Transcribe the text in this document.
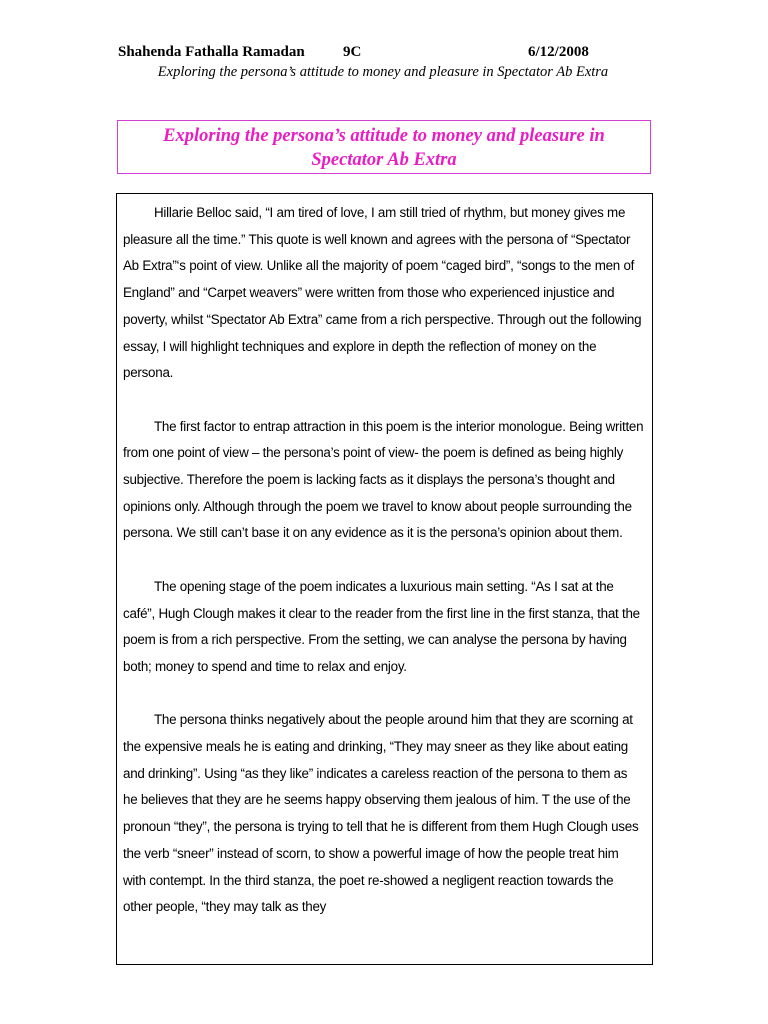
Shahenda Fathalla Ramadan	9C	6/12/2008
Exploring the persona’s attitude to money and pleasure in Spectator Ab Extra
Exploring the persona’s attitude to money and pleasure in
Spectator Ab Extra

Hillarie Belloc said, “I am tired of love, I am still tried of rhythm, but money gives me pleasure all the time.” This quote is well known and agrees with the persona of “Spectator Ab Extra”‘s point of view. Unlike all the majority of poem “caged bird”, “songs to the men of England” and “Carpet weavers” were written from those who experienced injustice and poverty, whilst “Spectator Ab Extra” came from a rich perspective. Through out the following essay, I will highlight techniques and explore in depth the reflection of money on the persona.

The first factor to entrap attraction in this poem is the interior monologue. Being written from one point of view – the persona’s point of view- the poem is defined as being highly subjective. Therefore the poem is lacking facts as it displays the persona’s thought and opinions only. Although through the poem we travel to know about people surrounding the persona. We still can’t base it on any evidence as it is the persona’s opinion about them.

The opening stage of the poem indicates a luxurious main setting. “As I sat at the café”, Hugh Clough makes it clear to the reader from the first line in the first stanza, that the poem is from a rich perspective. From the setting, we can analyse the persona by having both; money to spend and time to relax and enjoy.

The persona thinks negatively about the people around him that they are scorning at the expensive meals he is eating and drinking, “They may sneer as they like about eating and drinking”. Using “as they like” indicates a careless reaction of the persona to them as he believes that they are he seems happy observing them jealous of him. T the use of the pronoun “they”, the persona is trying to tell that he is different from them Hugh Clough uses the verb “sneer” instead of scorn, to show a powerful image of how the people treat him with contempt. In the third stanza, the poet re-showed a negligent reaction towards the other people, “they may talk as they
